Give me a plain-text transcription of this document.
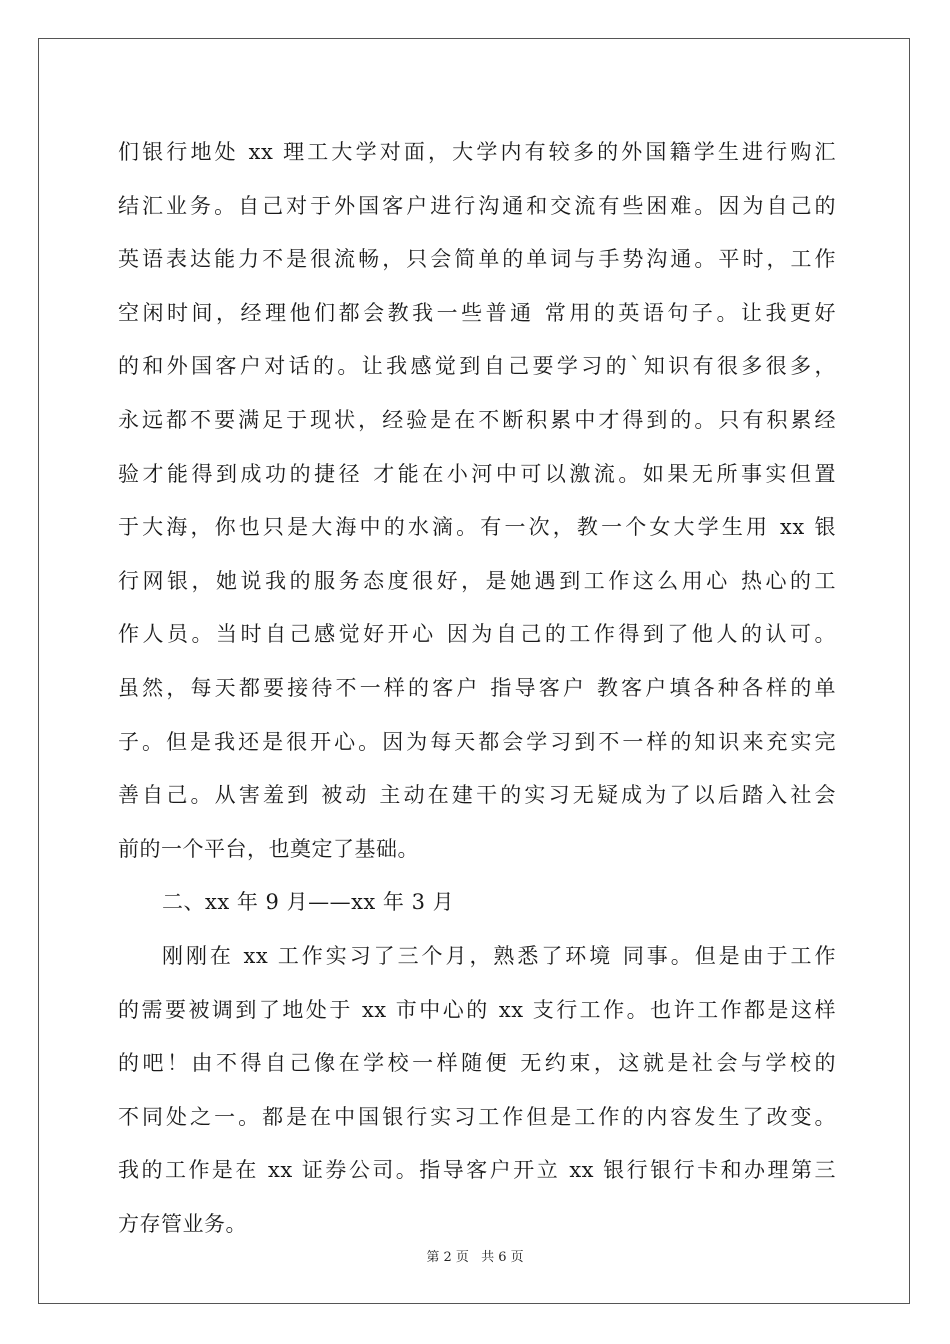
们银行地处 xx 理工大学对面，大学内有较多的外国籍学生进行购汇
结汇业务。自己对于外国客户进行沟通和交流有些困难。因为自己的
英语表达能力不是很流畅，只会简单的单词与手势沟通。平时，工作
空闲时间，经理他们都会教我一些普通 常用的英语句子。让我更好
的和外国客户对话的。让我感觉到自己要学习的`知识有很多很多，
永远都不要满足于现状，经验是在不断积累中才得到的。只有积累经
验才能得到成功的捷径 才能在小河中可以激流。如果无所事实但置
于大海，你也只是大海中的水滴。有一次，教一个女大学生用 xx 银
行网银，她说我的服务态度很好，是她遇到工作这么用心 热心的工
作人员。当时自己感觉好开心 因为自己的工作得到了他人的认可。
虽然，每天都要接待不一样的客户 指导客户 教客户填各种各样的单
子。但是我还是很开心。因为每天都会学习到不一样的知识来充实完
善自己。从害羞到 被动 主动在建干的实习无疑成为了以后踏入社会
前的一个平台，也奠定了基础。
二、xx 年 9 月——xx 年 3 月
刚刚在 xx 工作实习了三个月，熟悉了环境 同事。但是由于工作
的需要被调到了地处于 xx 市中心的 xx 支行工作。也许工作都是这样
的吧！由不得自己像在学校一样随便 无约束，这就是社会与学校的
不同处之一。都是在中国银行实习工作但是工作的内容发生了改变。
我的工作是在 xx 证券公司。指导客户开立 xx 银行银行卡和办理第三
方存管业务。
第 2 页 共 6 页
